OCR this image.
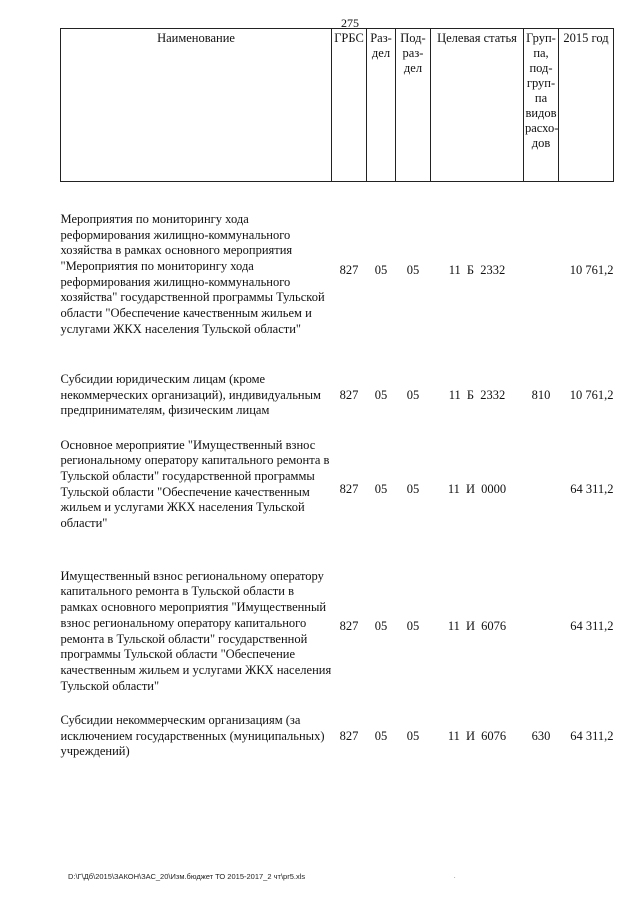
275
Наименование	ГРБС	Раз-дел	Под-раз-дел	Целевая статья	Груп-па, под-груп-па видов расхо-дов	2015 год
Мероприятия по мониторингу хода реформирования жилищно-коммунального хозяйства в рамках основного мероприятия "Мероприятия по мониторингу хода реформирования жилищно-коммунального хозяйства" государственной программы Тульской области "Обеспечение качественным жильем и услугами ЖКХ населения Тульской области"	827	05	05	11 Б 2332		10 761,2
Субсидии юридическим лицам (кроме некоммерческих организаций), индивидуальным предпринимателям, физическим лицам	827	05	05	11 Б 2332	810	10 761,2
Основное мероприятие "Имущественный взнос региональному оператору капитального ремонта в Тульской области" государственной программы Тульской области "Обеспечение качественным жильем и услугами ЖКХ населения Тульской области"	827	05	05	11 И 0000		64 311,2
Имущественный взнос региональному оператору капитального ремонта в Тульской области в рамках основного мероприятия "Имущественный взнос региональному оператору капитального ремонта в Тульской области" государственной программы Тульской области "Обеспечение качественным жильем и услугами ЖКХ населения Тульской области"	827	05	05	11 И 6076		64 311,2
Субсидии некоммерческим организациям (за исключением государственных (муниципальных) учреждений)	827	05	05	11 И 6076	630	64 311,2
.
D:\Г\Дб\2015\ЗАКОН\ЗАС_20\Изм.бюджет ТО 2015-2017_2 чт\pr5.xls
